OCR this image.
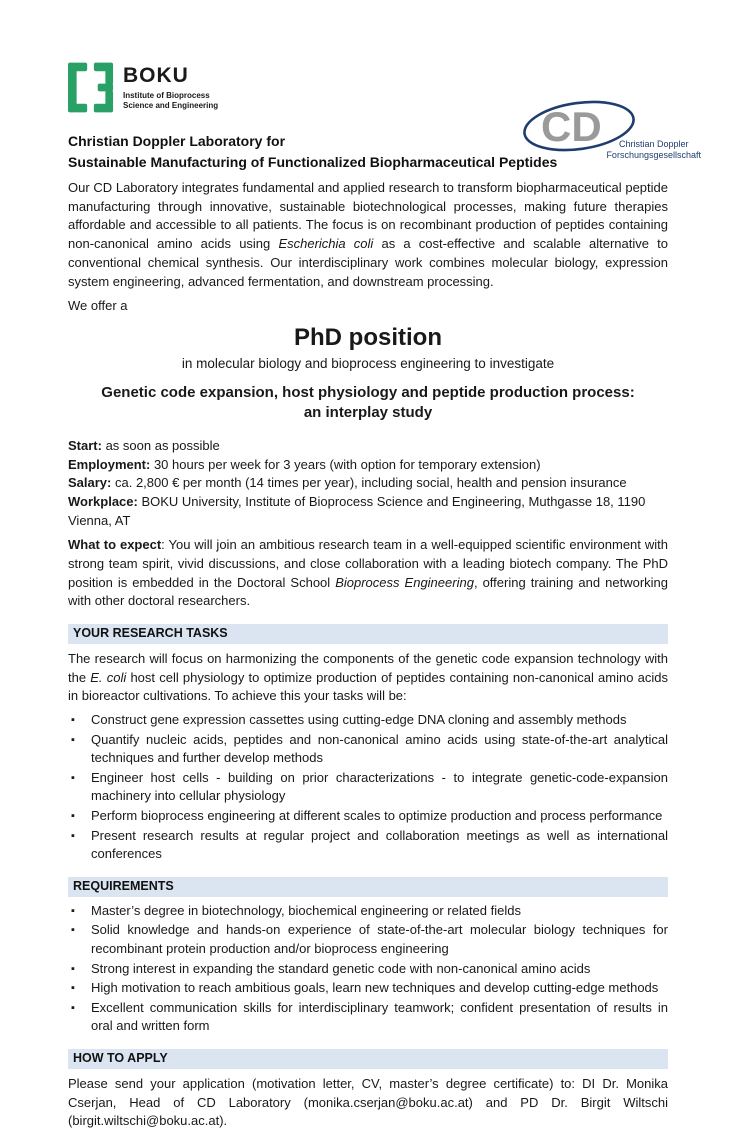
BOKU
Institute of Bioprocess
Science and Engineering	CD	Christian Doppler
Forschungsgesellschaft
Christian Doppler Laboratory for
Sustainable Manufacturing of Functionalized Biopharmaceutical Peptides

Our CD Laboratory integrates fundamental and applied research to transform biopharmaceutical peptide manufacturing through innovative, sustainable biotechnological processes, making future therapies affordable and accessible to all patients. The focus is on recombinant production of peptides containing non-canonical amino acids using Escherichia coli as a cost-effective and scalable alternative to conventional chemical synthesis. Our interdisciplinary work combines molecular biology, expression system engineering, advanced fermentation, and downstream processing.

We offer a

PhD position
in molecular biology and bioprocess engineering to investigate
Genetic code expansion, host physiology and peptide production process:
an interplay study

Start: as soon as possible

Employment: 30 hours per week for 3 years (with option for temporary extension)

Salary: ca. 2,800 € per month (14 times per year), including social, health and pension insurance

Workplace: BOKU University, Institute of Bioprocess Science and Engineering, Muthgasse 18, 1190 Vienna, AT

What to expect: You will join an ambitious research team in a well-equipped scientific environment with strong team spirit, vivid discussions, and close collaboration with a leading biotech company. The PhD position is embedded in the Doctoral School Bioprocess Engineering, offering training and networking with other doctoral researchers.

YOUR RESEARCH TASKS

The research will focus on harmonizing the components of the genetic code expansion technology with the E. coli host cell physiology to optimize production of peptides containing non-canonical amino acids in bioreactor cultivations. To achieve this your tasks will be:

▪ Construct gene expression cassettes using cutting-edge DNA cloning and assembly methods
▪ Quantify nucleic acids, peptides and non-canonical amino acids using state-of-the-art analytical techniques and further develop methods
▪ Engineer host cells - building on prior characterizations - to integrate genetic-code-expansion machinery into cellular physiology
▪ Perform bioprocess engineering at different scales to optimize production and process performance
▪ Present research results at regular project and collaboration meetings as well as international conferences
REQUIREMENTS
▪ Master’s degree in biotechnology, biochemical engineering or related fields
▪ Solid knowledge and hands-on experience of state-of-the-art molecular biology techniques for recombinant protein production and/or bioprocess engineering
▪ Strong interest in expanding the standard genetic code with non-canonical amino acids
▪ High motivation to reach ambitious goals, learn new techniques and develop cutting-edge methods
▪ Excellent communication skills for interdisciplinary teamwork; confident presentation of results in oral and written form
HOW TO APPLY

Please send your application (motivation letter, CV, master’s degree certificate) to: DI Dr. Monika Cserjan, Head of CD Laboratory (monika.cserjan@boku.ac.at) and PD Dr. Birgit Wiltschi (birgit.wiltschi@boku.ac.at).
